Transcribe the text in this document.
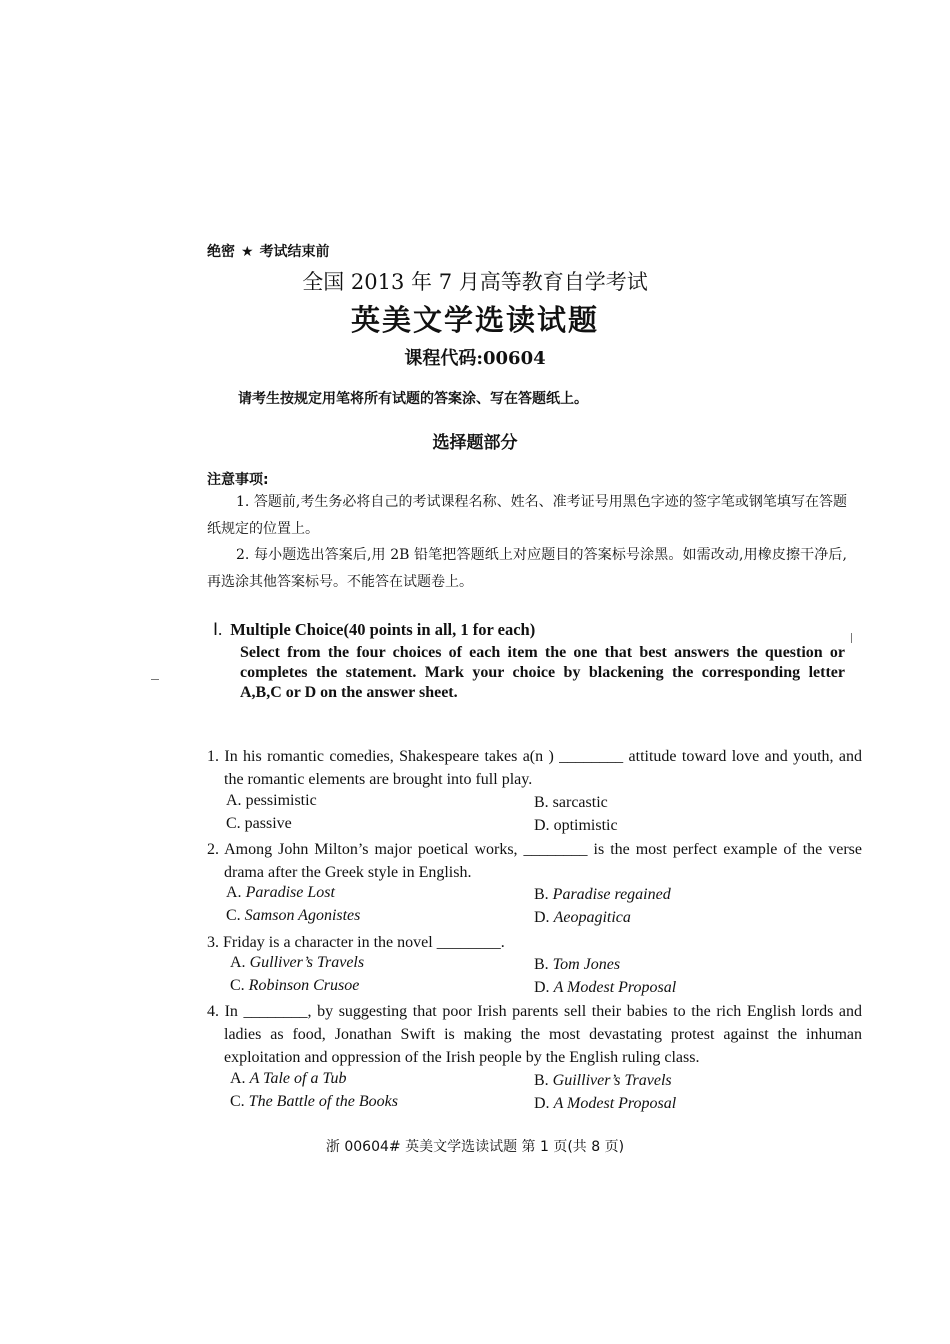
绝密 ★ 考试结束前
全国 2013 年 7 月高等教育自学考试
英美文学选读试题
课程代码:00604
请考生按规定用笔将所有试题的答案涂、写在答题纸上。
选择题部分
注意事项:
1. 答题前,考生务必将自己的考试课程名称、姓名、准考证号用黑色字迹的签字笔或钢笔填写在答题纸规定的位置上。
2. 每小题选出答案后,用 2B 铅笔把答题纸上对应题目的答案标号涂黑。如需改动,用橡皮擦干净后,再选涂其他答案标号。不能答在试题卷上。
Ⅰ. Multiple Choice(40 points in all, 1 for each)
Select from the four choices of each item the one that best answers the question or completes the statement. Mark your choice by blackening the corresponding letter A,B,C or D on the answer sheet.
1. In his romantic comedies, Shakespeare takes a(n ) ________ attitude toward love and youth, and the romantic elements are brought into full play.
A. pessimistic	B. sarcastic
C. passive	D. optimistic
2. Among John Milton’s major poetical works, ________ is the most perfect example of the verse drama after the Greek style in English.
A. Paradise Lost	B. Paradise regained
C. Samson Agonistes	D. Aeopagitica
3. Friday is a character in the novel ________.
A. Gulliver’s Travels	B. Tom Jones
C. Robinson Crusoe	D. A Modest Proposal
4. In ________, by suggesting that poor Irish parents sell their babies to the rich English lords and ladies as food, Jonathan Swift is making the most devastating protest against the inhuman exploitation and oppression of the Irish people by the English ruling class.
A. A Tale of a Tub	B. Guilliver’s Travels
C. The Battle of the Books	D. A Modest Proposal
浙 00604# 英美文学选读试题 第 1 页(共 8 页)
